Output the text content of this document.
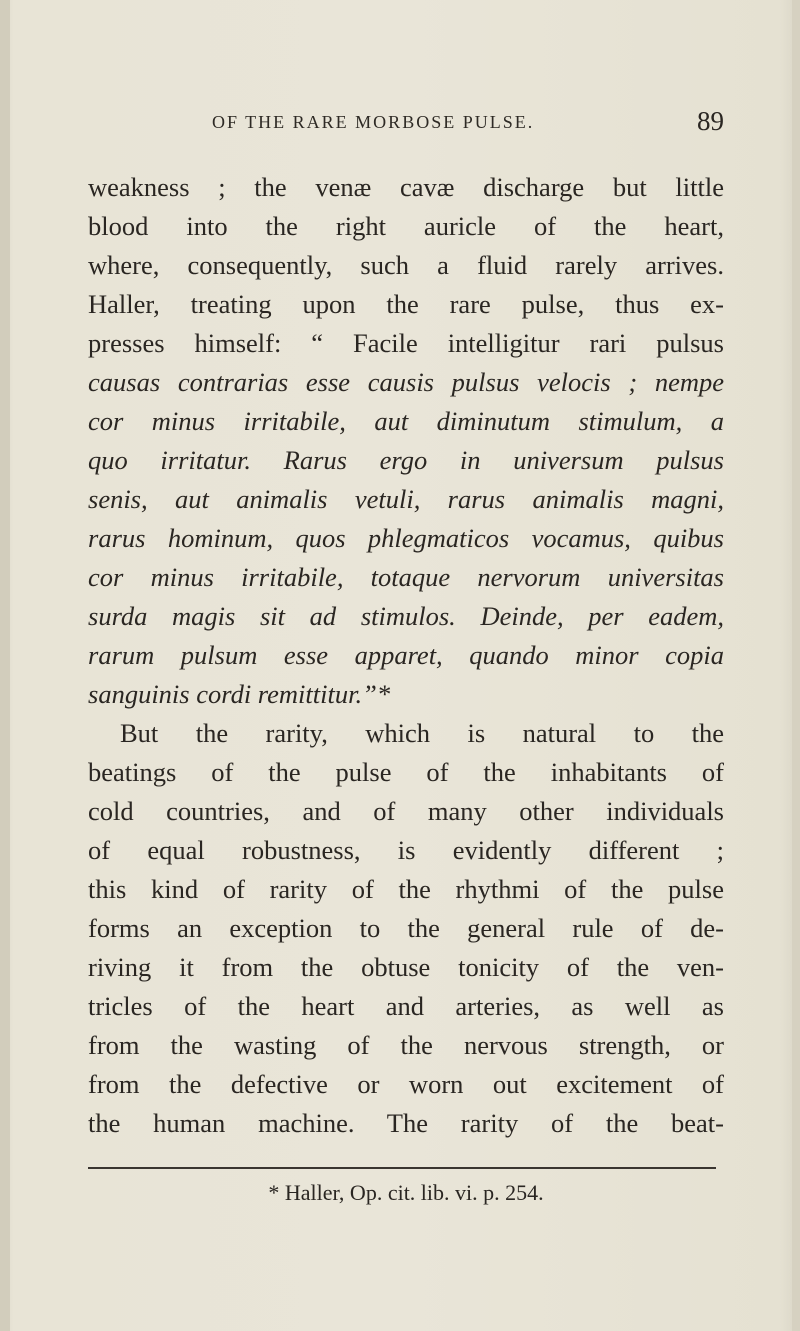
OF THE RARE MORBOSE PULSE.	89
weakness ; the venæ cavæ discharge but little
blood into the right auricle of the heart,
where, consequently, such a fluid rarely arrives.
Haller, treating upon the rare pulse, thus ex-
presses himself: “ Facile intelligitur rari pulsus
causas contrarias esse causis pulsus velocis ; nempe
cor minus irritabile, aut diminutum stimulum, a
quo irritatur. Rarus ergo in universum pulsus
senis, aut animalis vetuli, rarus animalis magni,
rarus hominum, quos phlegmaticos vocamus, quibus
cor minus irritabile, totaque nervorum universitas
surda magis sit ad stimulos. Deinde, per eadem,
rarum pulsum esse apparet, quando minor copia
sanguinis cordi remittitur.”*
But the rarity, which is natural to the
beatings of the pulse of the inhabitants of
cold countries, and of many other individuals
of equal robustness, is evidently different ;
this kind of rarity of the rhythmi of the pulse
forms an exception to the general rule of de-
riving it from the obtuse tonicity of the ven-
tricles of the heart and arteries, as well as
from the wasting of the nervous strength, or
from the defective or worn out excitement of
the human machine. The rarity of the beat-
* Haller, Op. cit. lib. vi. p. 254.
